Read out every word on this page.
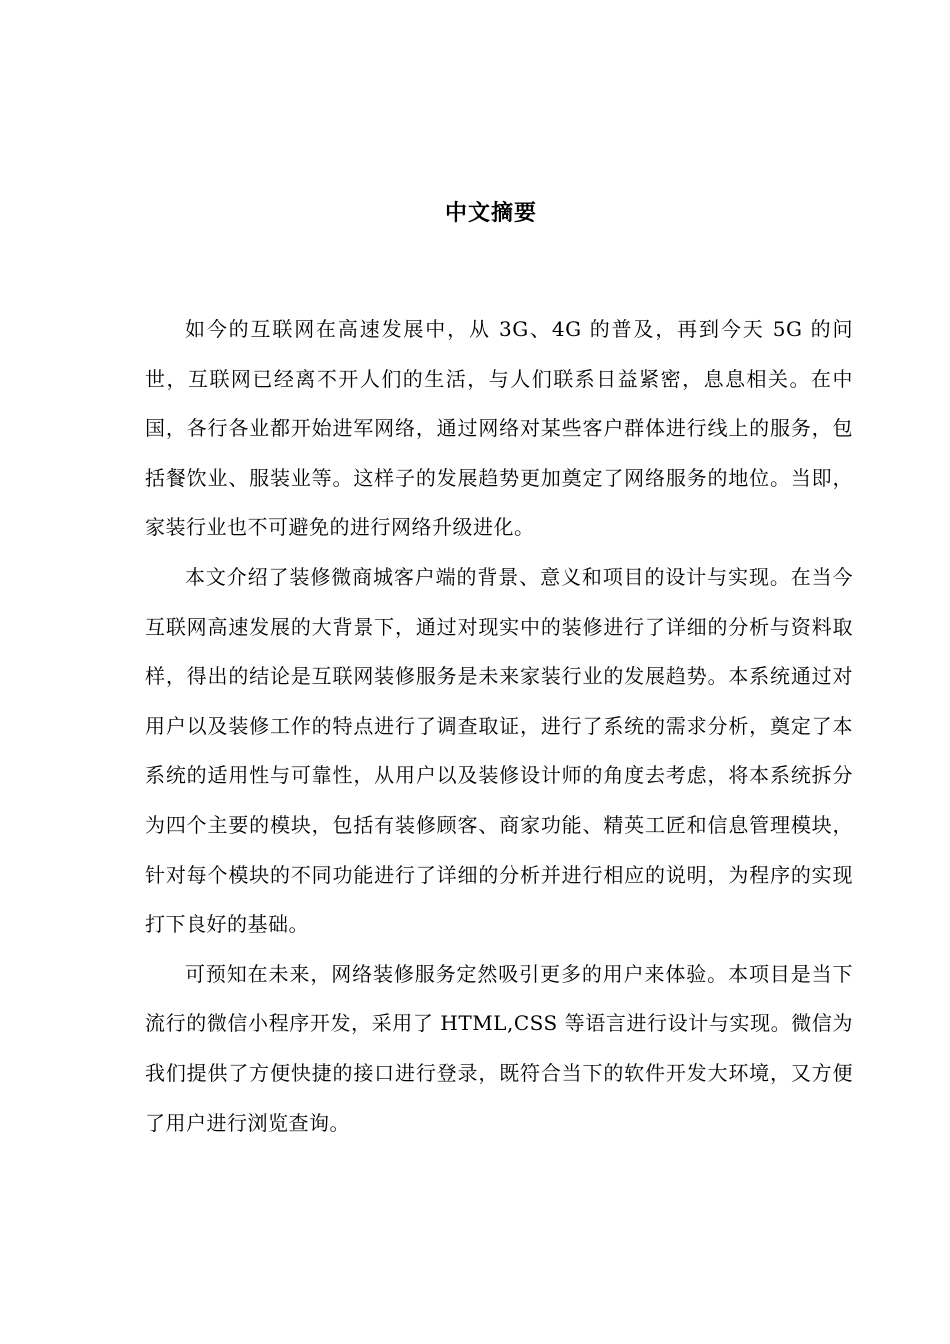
中文摘要

如今的互联网在高速发展中，从 3G、4G 的普及，再到今天 5G 的问世，互联网已经离不开人们的生活，与人们联系日益紧密，息息相关。在中国，各行各业都开始进军网络，通过网络对某些客户群体进行线上的服务，包括餐饮业、服装业等。这样子的发展趋势更加奠定了网络服务的地位。当即，家装行业也不可避免的进行网络升级进化。

本文介绍了装修微商城客户端的背景、意义和项目的设计与实现。在当今互联网高速发展的大背景下，通过对现实中的装修进行了详细的分析与资料取样，得出的结论是互联网装修服务是未来家装行业的发展趋势。本系统通过对用户以及装修工作的特点进行了调查取证，进行了系统的需求分析，奠定了本系统的适用性与可靠性，从用户以及装修设计师的角度去考虑，将本系统拆分为四个主要的模块，包括有装修顾客、商家功能、精英工匠和信息管理模块，针对每个模块的不同功能进行了详细的分析并进行相应的说明，为程序的实现打下良好的基础。

可预知在未来，网络装修服务定然吸引更多的用户来体验。本项目是当下流行的微信小程序开发，采用了 HTML,CSS 等语言进行设计与实现。微信为我们提供了方便快捷的接口进行登录，既符合当下的软件开发大环境，又方便了用户进行浏览查询。
